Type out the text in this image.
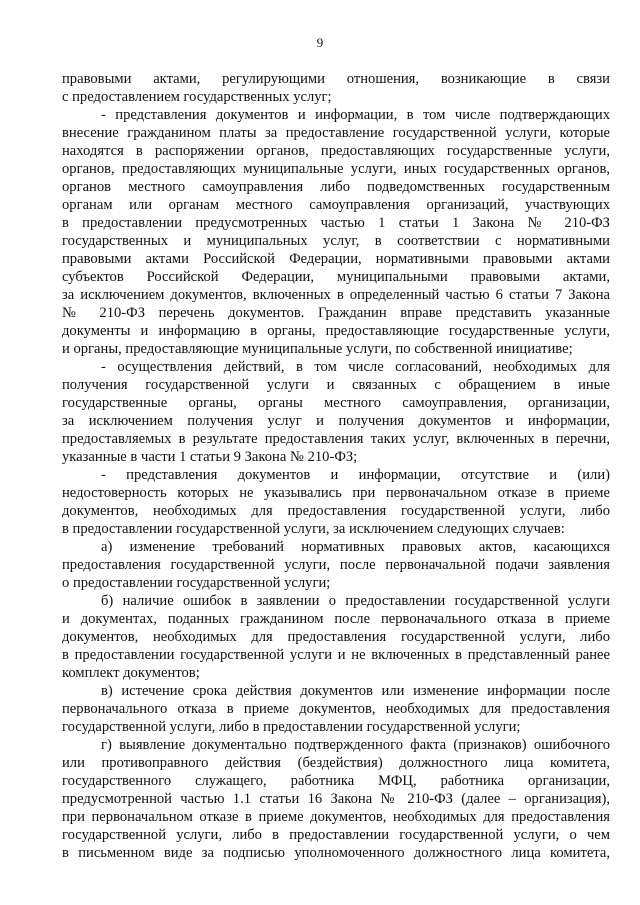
9
правовыми актами, регулирующими отношения, возникающие в связи
с предоставлением государственных услуг;
- представления документов и информации, в том числе подтверждающих
внесение гражданином платы за предоставление государственной услуги, которые
находятся в распоряжении органов, предоставляющих государственные услуги,
органов, предоставляющих муниципальные услуги, иных государственных органов,
органов местного самоуправления либо подведомственных государственным
органам или органам местного самоуправления организаций, участвующих
в предоставлении предусмотренных частью 1 статьи 1 Закона № 210-ФЗ
государственных и муниципальных услуг, в соответствии с нормативными
правовыми актами Российской Федерации, нормативными правовыми актами
субъектов Российской Федерации, муниципальными правовыми актами,
за исключением документов, включенных в определенный частью 6 статьи 7 Закона
№ 210-ФЗ перечень документов. Гражданин вправе представить указанные
документы и информацию в органы, предоставляющие государственные услуги,
и органы, предоставляющие муниципальные услуги, по собственной инициативе;
- осуществления действий, в том числе согласований, необходимых для
получения государственной услуги и связанных с обращением в иные
государственные органы, органы местного самоуправления, организации,
за исключением получения услуг и получения документов и информации,
предоставляемых в результате предоставления таких услуг, включенных в перечни,
указанные в части 1 статьи 9 Закона № 210-ФЗ;
- представления документов и информации, отсутствие и (или)
недостоверность которых не указывались при первоначальном отказе в приеме
документов, необходимых для предоставления государственной услуги, либо
в предоставлении государственной услуги, за исключением следующих случаев:
а) изменение требований нормативных правовых актов, касающихся
предоставления государственной услуги, после первоначальной подачи заявления
о предоставлении государственной услуги;
б) наличие ошибок в заявлении о предоставлении государственной услуги
и документах, поданных гражданином после первоначального отказа в приеме
документов, необходимых для предоставления государственной услуги, либо
в предоставлении государственной услуги и не включенных в представленный ранее
комплект документов;
в) истечение срока действия документов или изменение информации после
первоначального отказа в приеме документов, необходимых для предоставления
государственной услуги, либо в предоставлении государственной услуги;
г) выявление документально подтвержденного факта (признаков) ошибочного
или противоправного действия (бездействия) должностного лица комитета,
государственного служащего, работника МФЦ, работника организации,
предусмотренной частью 1.1 статьи 16 Закона № 210-ФЗ (далее – организация),
при первоначальном отказе в приеме документов, необходимых для предоставления
государственной услуги, либо в предоставлении государственной услуги, о чем
в письменном виде за подписью уполномоченного должностного лица комитета,
